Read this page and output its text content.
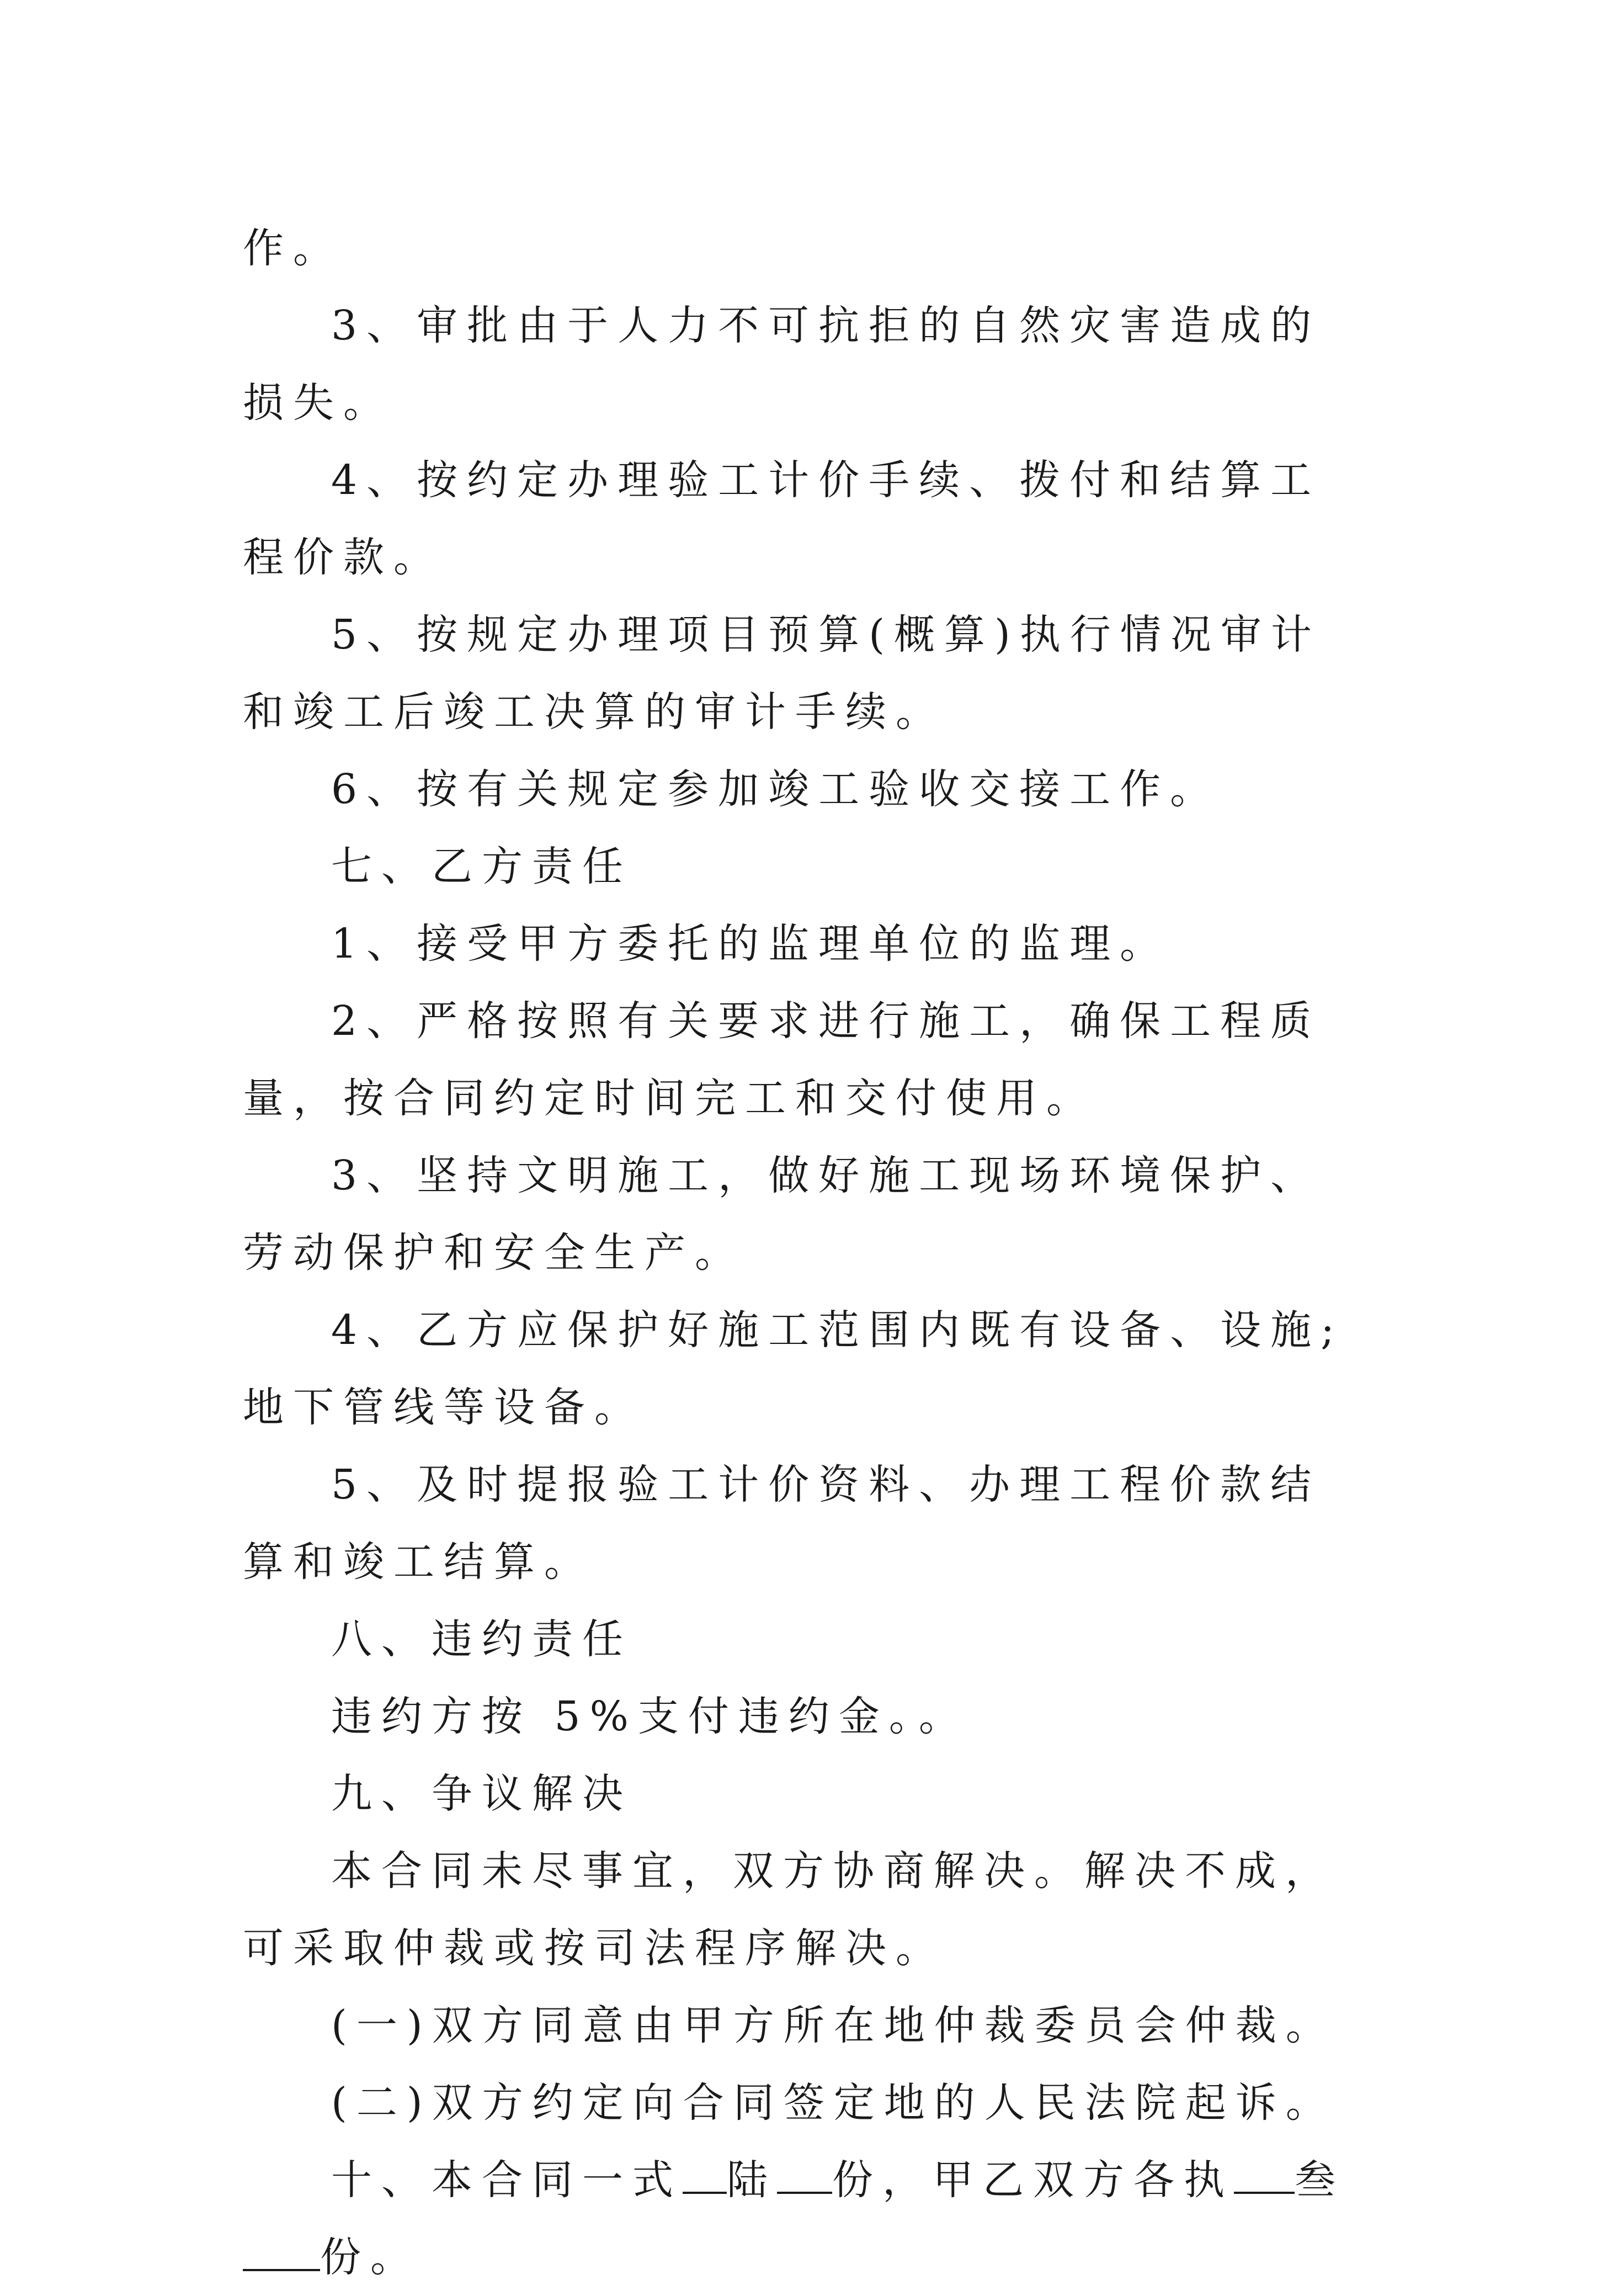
作。

3、审批由于人力不可抗拒的自然灾害造成的损失。

4、按约定办理验工计价手续、拨付和结算工程价款。

5、按规定办理项目预算(概算)执行情况审计和竣工后竣工决算的审计手续。

6、按有关规定参加竣工验收交接工作。

七、乙方责任

1、接受甲方委托的监理单位的监理。

2、严格按照有关要求进行施工，确保工程质量，按合同约定时间完工和交付使用。

3、坚持文明施工，做好施工现场环境保护、劳动保护和安全生产。

4、乙方应保护好施工范围内既有设备、设施;地下管线等设备。

5、及时提报验工计价资料、办理工程价款结算和竣工结算。

八、违约责任

违约方按 5%支付违约金。。

九、争议解决

本合同未尽事宜，双方协商解决。解决不成，可采取仲裁或按司法程序解决。

(一)双方同意由甲方所在地仲裁委员会仲裁。

(二)双方约定向合同签定地的人民法院起诉。

十、本合同一式 陆 份，甲乙双方各执 叁份。
